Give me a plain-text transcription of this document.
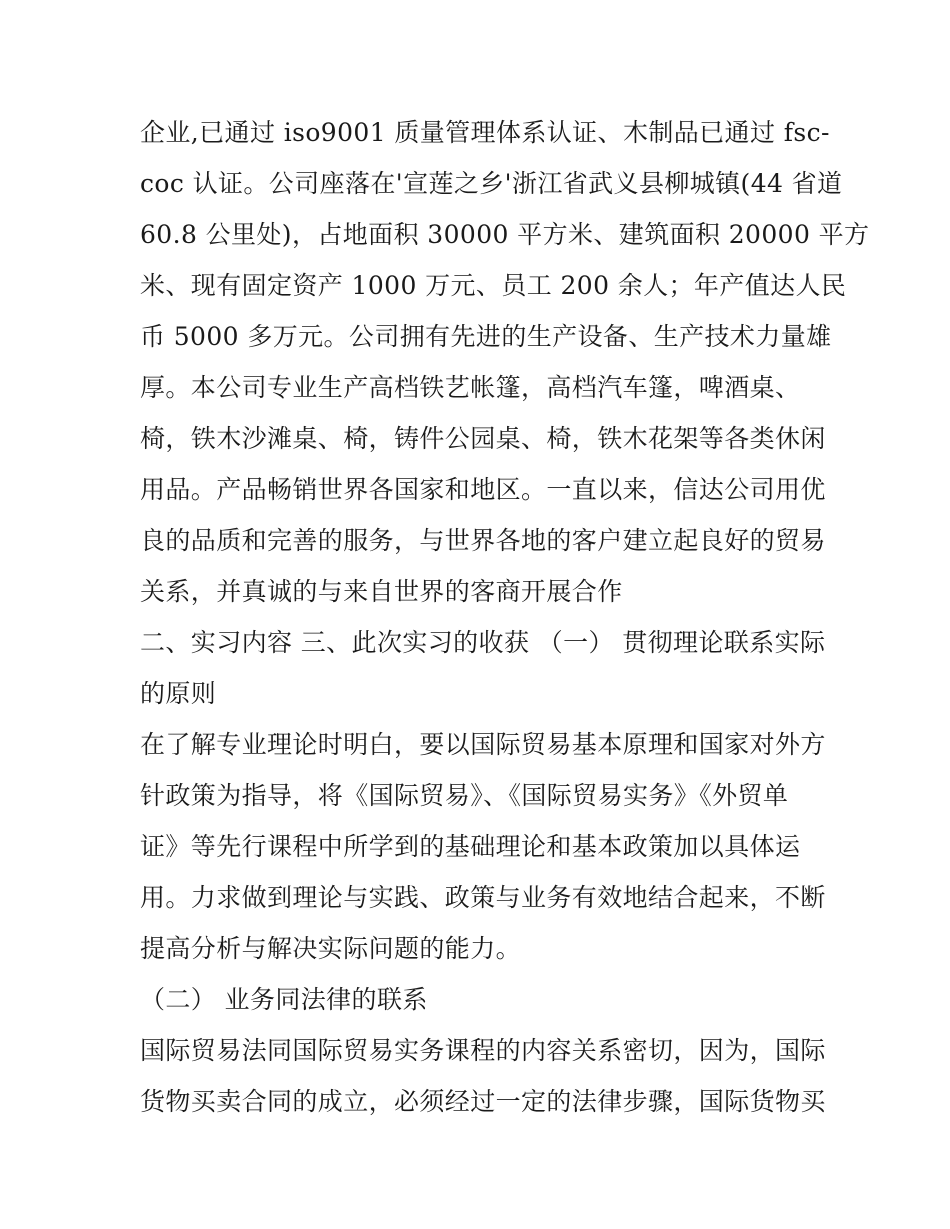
企业,已通过 iso9001 质量管理体系认证、木制品已通过 fsc-
coc 认证。公司座落在'宣莲之乡'浙江省武义县柳城镇(44 省道
60.8 公里处)，占地面积 30000 平方米、建筑面积 20000 平方
米、现有固定资产 1000 万元、员工 200 余人；年产值达人民
币 5000 多万元。公司拥有先进的生产设备、生产技术力量雄
厚。本公司专业生产高档铁艺帐篷，高档汽车篷，啤酒桌、
椅，铁木沙滩桌、椅，铸件公园桌、椅，铁木花架等各类休闲
用品。产品畅销世界各国家和地区。一直以来，信达公司用优
良的品质和完善的服务，与世界各地的客户建立起良好的贸易
关系，并真诚的与来自世界的客商开展合作
二、实习内容 三、此次实习的收获 （一） 贯彻理论联系实际
的原则
在了解专业理论时明白，要以国际贸易基本原理和国家对外方
针政策为指导，将《国际贸易》、《国际贸易实务》《外贸单
证》等先行课程中所学到的基础理论和基本政策加以具体运
用。力求做到理论与实践、政策与业务有效地结合起来，不断
提高分析与解决实际问题的能力。
（二） 业务同法律的联系
国际贸易法同国际贸易实务课程的内容关系密切，因为，国际
货物买卖合同的成立，必须经过一定的法律步骤，国际货物买
